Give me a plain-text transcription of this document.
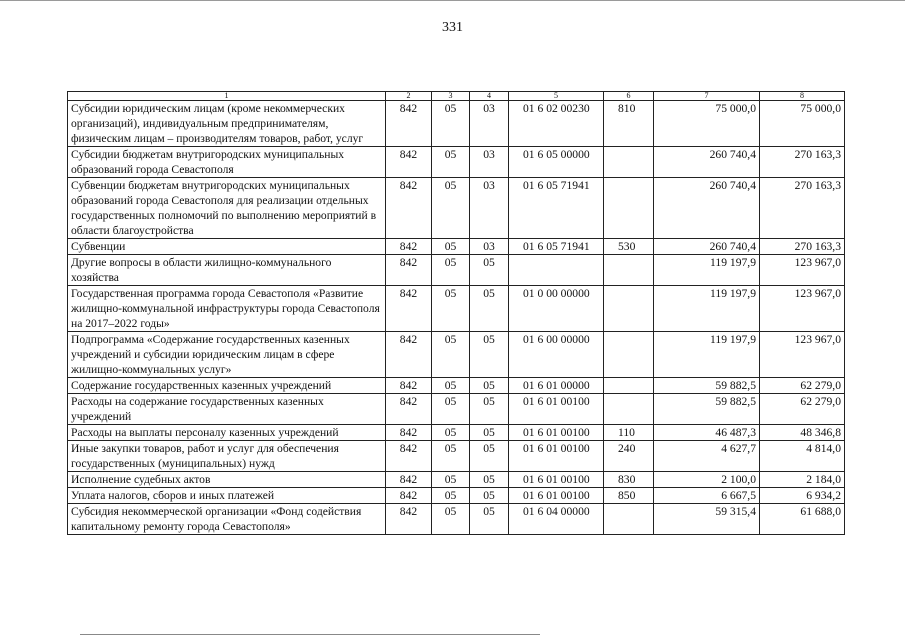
331
1	2	3	4	5	6	7	8
Субсидии юридическим лицам (кроме некоммерческих организаций), индивидуальным предпринимателям, физическим лицам – производителям товаров, работ, услуг	842	05	03	01 6 02 00230	810	75 000,0	75 000,0
Субсидии бюджетам внутригородских муниципальных образований города Севастополя	842	05	03	01 6 05 00000		260 740,4	270 163,3
Субвенции бюджетам внутригородских муниципальных образований города Севастополя для реализации отдельных государственных полномочий по выполнению мероприятий в области благоустройства	842	05	03	01 6 05 71941		260 740,4	270 163,3
Субвенции	842	05	03	01 6 05 71941	530	260 740,4	270 163,3
Другие вопросы в области жилищно-коммунального хозяйства	842	05	05			119 197,9	123 967,0
Государственная программа города Севастополя «Развитие жилищно-коммунальной инфраструктуры города Севастополя на 2017–2022 годы»	842	05	05	01 0 00 00000		119 197,9	123 967,0
Подпрограмма «Содержание государственных казенных учреждений и субсидии юридическим лицам в сфере жилищно-коммунальных услуг»	842	05	05	01 6 00 00000		119 197,9	123 967,0
Содержание государственных казенных учреждений	842	05	05	01 6 01 00000		59 882,5	62 279,0
Расходы на содержание государственных казенных учреждений	842	05	05	01 6 01 00100		59 882,5	62 279,0
Расходы на выплаты персоналу казенных учреждений	842	05	05	01 6 01 00100	110	46 487,3	48 346,8
Иные закупки товаров, работ и услуг для обеспечения государственных (муниципальных) нужд	842	05	05	01 6 01 00100	240	4 627,7	4 814,0
Исполнение судебных актов	842	05	05	01 6 01 00100	830	2 100,0	2 184,0
Уплата налогов, сборов и иных платежей	842	05	05	01 6 01 00100	850	6 667,5	6 934,2
Субсидия некоммерческой организации «Фонд содействия капитальному ремонту города Севастополя»	842	05	05	01 6 04 00000		59 315,4	61 688,0
